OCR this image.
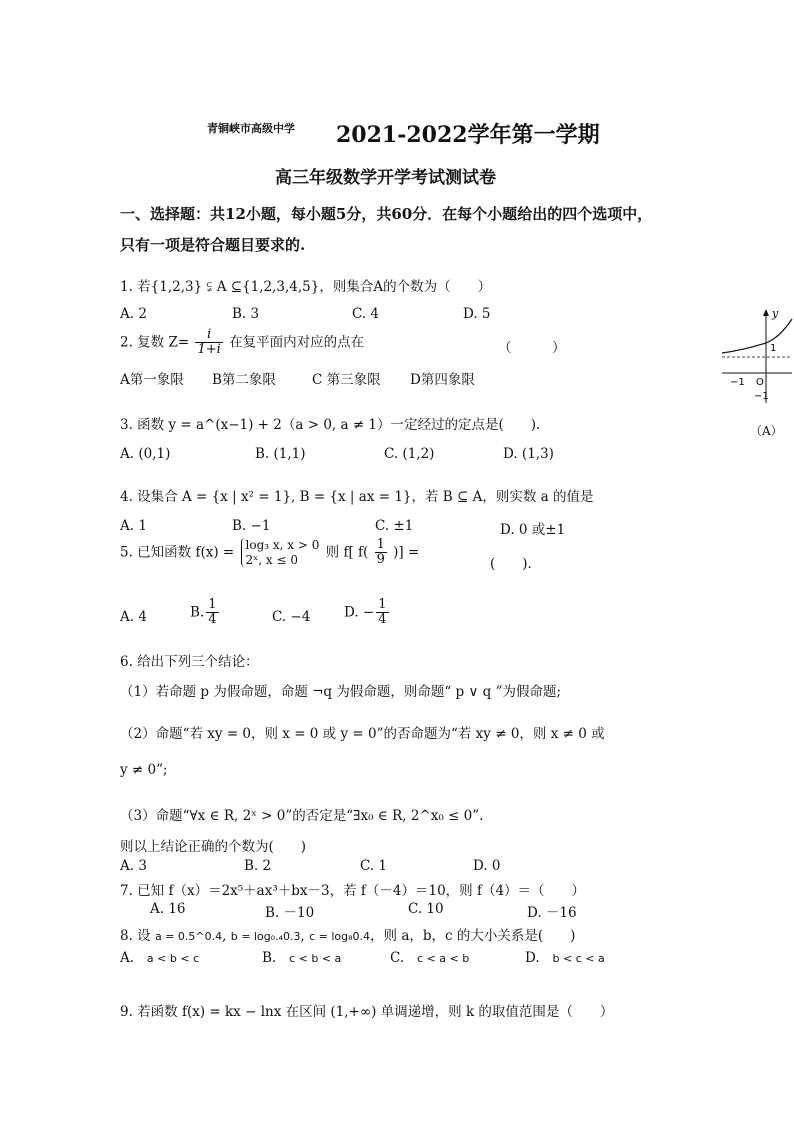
青铜峡市高级中学 2021-2022学年第一学期
高三年级数学开学考试测试卷
一、选择题：共12小题，每小题5分，共60分．在每个小题给出的四个选项中，
只有一项是符合题目要求的.
1. 若{1,2,3} ⫋ A ⊆{1,2,3,4,5}，则集合A的个数为（　　）
A. 2	B. 3	C. 4	D. 5
2. 复数 $Z= \frac{i}{1+i}$ 在复平面内对应的点在	（　　　）
A第一象限 B第二象限	C 第三象限 D第四象限
y
1
−1
−1 O
（A）
3. 函数 y = a^(x−1) + 2（a > 0, a ≠ 1）一定经过的定点是(　　).
A. (0,1)	B. (1,1)	C. (1,2)	D. (1,3)
4. 设集合 A = {x | x² = 1}, B = {x | ax = 1}，若 B ⊆ A，则实数 a 的值是
A. 1	B. −1	C. ±1	D. 0 或±1
5. 已知函数 f(x) = log₃ x, x > 0
2ˣ, x ≤ 0	则 f[ $f( \frac{1}{9}$ )] =
(　　).
A. 4	B. $\frac{1}{4}$	C. −4 D. − $\frac{1}{4}$
6. 给出下列三个结论：
（1）若命题 p 为假命题，命题 ¬q 为假命题，则命题“ p ∨ q ”为假命题;
（2）命题“若 xy = 0，则 x = 0 或 y = 0”的否命题为“若 xy ≠ 0，则 x ≠ 0 或
y ≠ 0”;
（3）命题“∀x ∈ R, 2ˣ > 0”的否定是“∃x₀ ∈ R, 2^x₀ ≤ 0”.
则以上结论正确的个数为(　　)
A. 3	B. 2	C. 1	D. 0
7. 已知 f（x）＝2x⁵＋ax³＋bx－3，若 f（－4）＝10，则 f（4）＝（　　）
A. 16	B. －10	C. 10	D. －16
8. 设 a = 0.5^0.4, b = log₀.₄0.3, c = log₈0.4，则 a，b，c 的大小关系是(　　)
A. a < b < c	B. c < b < a	C. c < a < b	D. b < c < a
9. 若函数 f(x) = kx − lnx 在区间 (1,+∞) 单调递增，则 k 的取值范围是（　　）
